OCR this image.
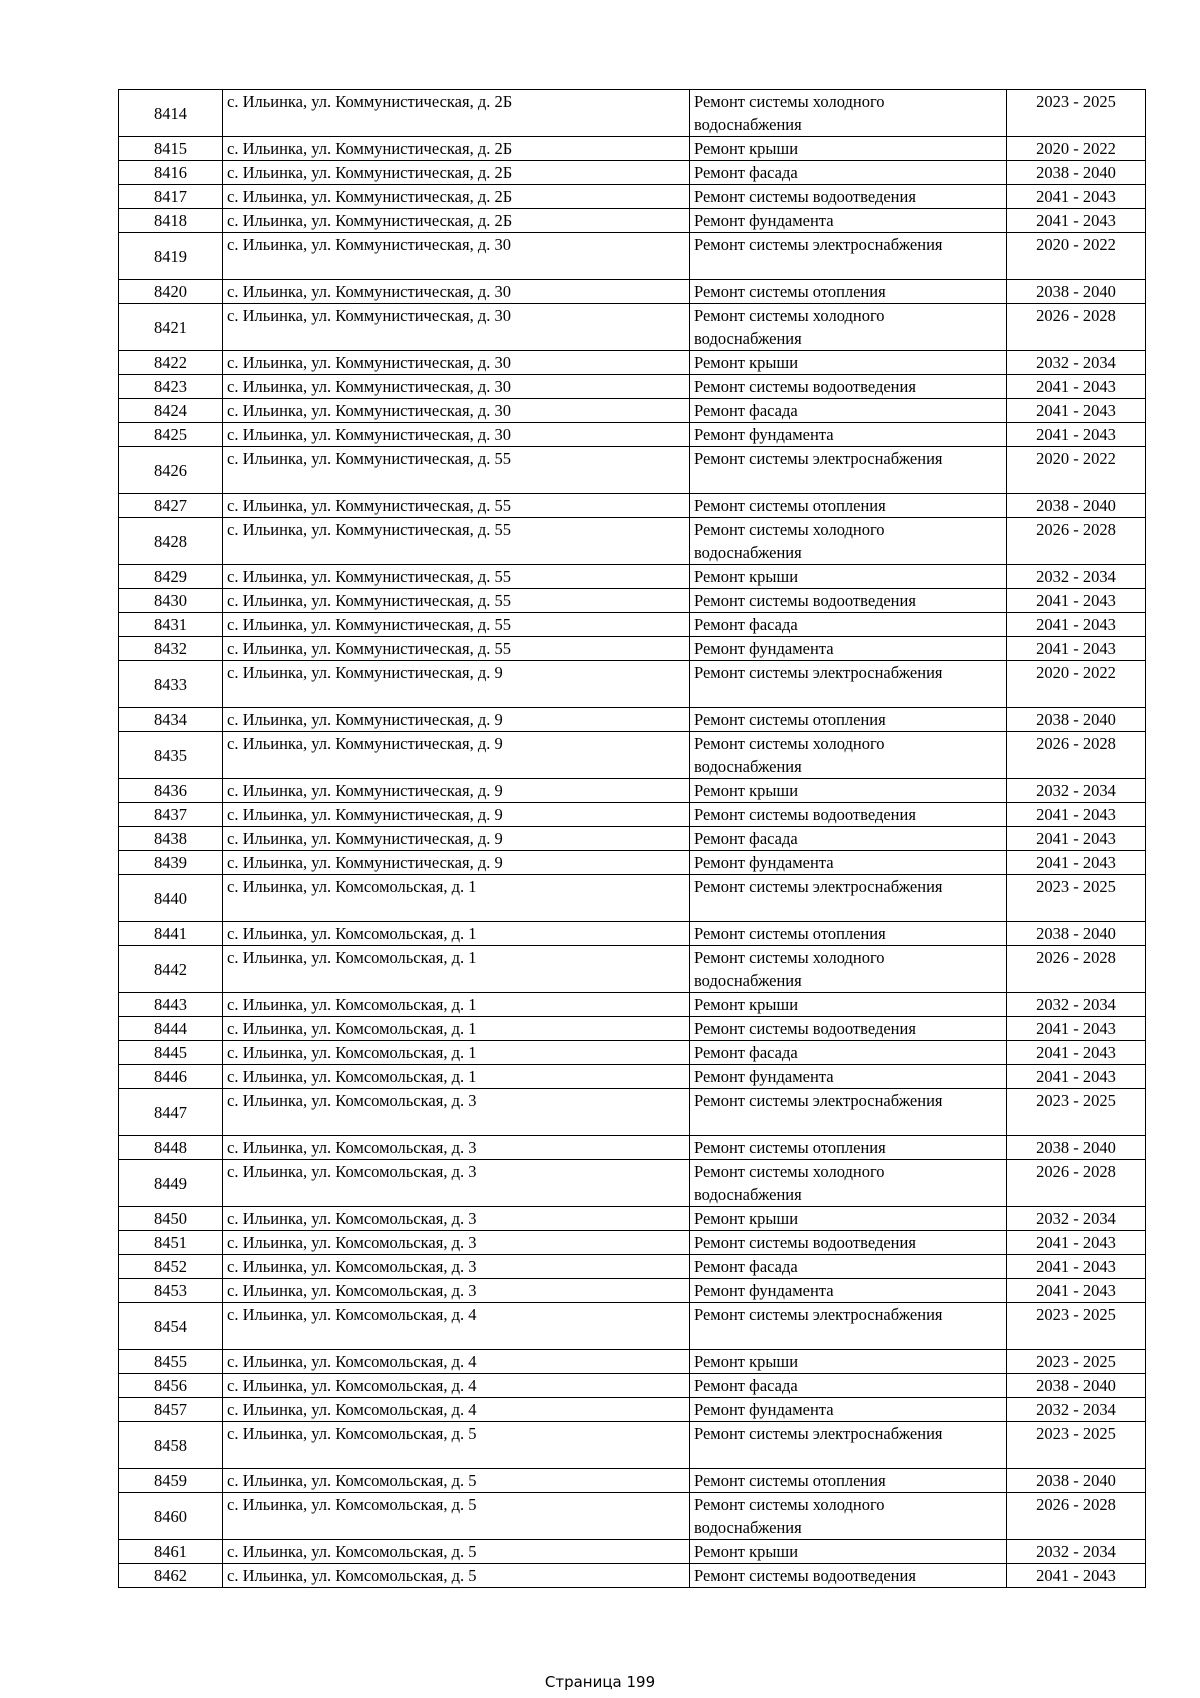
8414	с. Ильинка, ул. Коммунистическая, д. 2Б	Ремонт системы холодного
водоснабжения	2023 - 2025
8415	с. Ильинка, ул. Коммунистическая, д. 2Б	Ремонт крыши	2020 - 2022
8416	с. Ильинка, ул. Коммунистическая, д. 2Б	Ремонт фасада	2038 - 2040
8417	с. Ильинка, ул. Коммунистическая, д. 2Б	Ремонт системы водоотведения	2041 - 2043
8418	с. Ильинка, ул. Коммунистическая, д. 2Б	Ремонт фундамента	2041 - 2043
8419	с. Ильинка, ул. Коммунистическая, д. 30	Ремонт системы электроснабжения	2020 - 2022
8420	с. Ильинка, ул. Коммунистическая, д. 30	Ремонт системы отопления	2038 - 2040
8421	с. Ильинка, ул. Коммунистическая, д. 30	Ремонт системы холодного
водоснабжения	2026 - 2028
8422	с. Ильинка, ул. Коммунистическая, д. 30	Ремонт крыши	2032 - 2034
8423	с. Ильинка, ул. Коммунистическая, д. 30	Ремонт системы водоотведения	2041 - 2043
8424	с. Ильинка, ул. Коммунистическая, д. 30	Ремонт фасада	2041 - 2043
8425	с. Ильинка, ул. Коммунистическая, д. 30	Ремонт фундамента	2041 - 2043
8426	с. Ильинка, ул. Коммунистическая, д. 55	Ремонт системы электроснабжения	2020 - 2022
8427	с. Ильинка, ул. Коммунистическая, д. 55	Ремонт системы отопления	2038 - 2040
8428	с. Ильинка, ул. Коммунистическая, д. 55	Ремонт системы холодного
водоснабжения	2026 - 2028
8429	с. Ильинка, ул. Коммунистическая, д. 55	Ремонт крыши	2032 - 2034
8430	с. Ильинка, ул. Коммунистическая, д. 55	Ремонт системы водоотведения	2041 - 2043
8431	с. Ильинка, ул. Коммунистическая, д. 55	Ремонт фасада	2041 - 2043
8432	с. Ильинка, ул. Коммунистическая, д. 55	Ремонт фундамента	2041 - 2043
8433	с. Ильинка, ул. Коммунистическая, д. 9	Ремонт системы электроснабжения	2020 - 2022
8434	с. Ильинка, ул. Коммунистическая, д. 9	Ремонт системы отопления	2038 - 2040
8435	с. Ильинка, ул. Коммунистическая, д. 9	Ремонт системы холодного
водоснабжения	2026 - 2028
8436	с. Ильинка, ул. Коммунистическая, д. 9	Ремонт крыши	2032 - 2034
8437	с. Ильинка, ул. Коммунистическая, д. 9	Ремонт системы водоотведения	2041 - 2043
8438	с. Ильинка, ул. Коммунистическая, д. 9	Ремонт фасада	2041 - 2043
8439	с. Ильинка, ул. Коммунистическая, д. 9	Ремонт фундамента	2041 - 2043
8440	с. Ильинка, ул. Комсомольская, д. 1	Ремонт системы электроснабжения	2023 - 2025
8441	с. Ильинка, ул. Комсомольская, д. 1	Ремонт системы отопления	2038 - 2040
8442	с. Ильинка, ул. Комсомольская, д. 1	Ремонт системы холодного
водоснабжения	2026 - 2028
8443	с. Ильинка, ул. Комсомольская, д. 1	Ремонт крыши	2032 - 2034
8444	с. Ильинка, ул. Комсомольская, д. 1	Ремонт системы водоотведения	2041 - 2043
8445	с. Ильинка, ул. Комсомольская, д. 1	Ремонт фасада	2041 - 2043
8446	с. Ильинка, ул. Комсомольская, д. 1	Ремонт фундамента	2041 - 2043
8447	с. Ильинка, ул. Комсомольская, д. 3	Ремонт системы электроснабжения	2023 - 2025
8448	с. Ильинка, ул. Комсомольская, д. 3	Ремонт системы отопления	2038 - 2040
8449	с. Ильинка, ул. Комсомольская, д. 3	Ремонт системы холодного
водоснабжения	2026 - 2028
8450	с. Ильинка, ул. Комсомольская, д. 3	Ремонт крыши	2032 - 2034
8451	с. Ильинка, ул. Комсомольская, д. 3	Ремонт системы водоотведения	2041 - 2043
8452	с. Ильинка, ул. Комсомольская, д. 3	Ремонт фасада	2041 - 2043
8453	с. Ильинка, ул. Комсомольская, д. 3	Ремонт фундамента	2041 - 2043
8454	с. Ильинка, ул. Комсомольская, д. 4	Ремонт системы электроснабжения	2023 - 2025
8455	с. Ильинка, ул. Комсомольская, д. 4	Ремонт крыши	2023 - 2025
8456	с. Ильинка, ул. Комсомольская, д. 4	Ремонт фасада	2038 - 2040
8457	с. Ильинка, ул. Комсомольская, д. 4	Ремонт фундамента	2032 - 2034
8458	с. Ильинка, ул. Комсомольская, д. 5	Ремонт системы электроснабжения	2023 - 2025
8459	с. Ильинка, ул. Комсомольская, д. 5	Ремонт системы отопления	2038 - 2040
8460	с. Ильинка, ул. Комсомольская, д. 5	Ремонт системы холодного
водоснабжения	2026 - 2028
8461	с. Ильинка, ул. Комсомольская, д. 5	Ремонт крыши	2032 - 2034
8462	с. Ильинка, ул. Комсомольская, д. 5	Ремонт системы водоотведения	2041 - 2043
Страница 199
